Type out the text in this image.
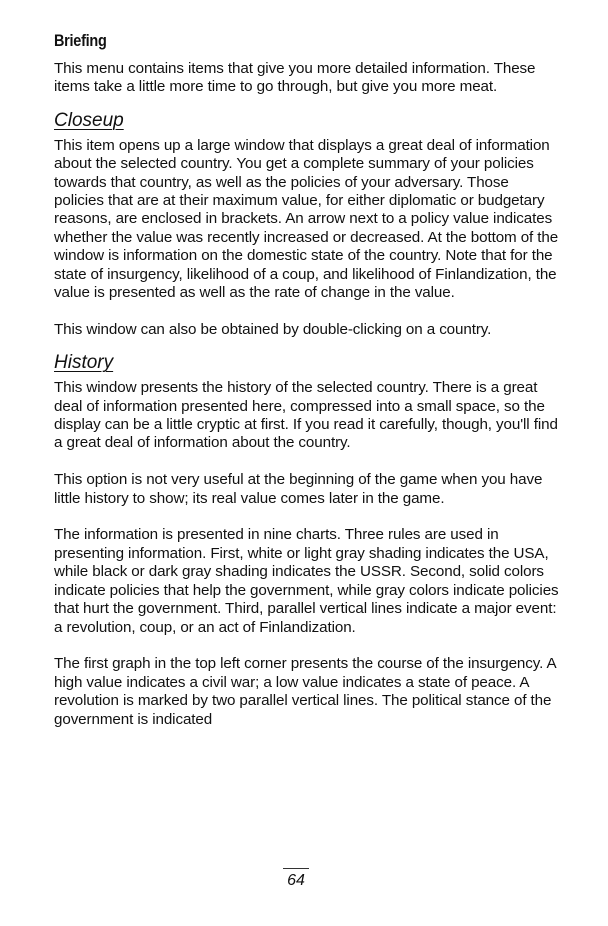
Briefing

This menu contains items that give you more detailed information. These items take a little more time to go through, but give you more meat.

Closeup

This item opens up a large window that displays a great deal of information about the selected country. You get a complete summary of your policies towards that country, as well as the policies of your adversary. Those policies that are at their maximum value, for either diplomatic or budgetary reasons, are enclosed in brackets. An arrow next to a policy value indicates whether the value was recently increased or decreased. At the bottom of the window is information on the domestic state of the country. Note that for the state of insurgency, likelihood of a coup, and likelihood of Finlandization, the value is presented as well as the rate of change in the value.

This window can also be obtained by double-clicking on a country.

History

This window presents the history of the selected country. There is a great deal of information presented here, compressed into a small space, so the display can be a little cryptic at first. If you read it carefully, though, you'll find a great deal of information about the country.

This option is not very useful at the beginning of the game when you have little history to show; its real value comes later in the game.

The information is presented in nine charts. Three rules are used in presenting information. First, white or light gray shading indicates the USA, while black or dark gray shading indicates the USSR. Second, solid colors indicate policies that help the government, while gray colors indicate policies that hurt the government. Third, parallel vertical lines indicate a major event: a revolution, coup, or an act of Finlandization.

The first graph in the top left corner presents the course of the insurgency. A high value indicates a civil war; a low value indicates a state of peace. A revolution is marked by two parallel vertical lines. The political stance of the government is indicated

64
